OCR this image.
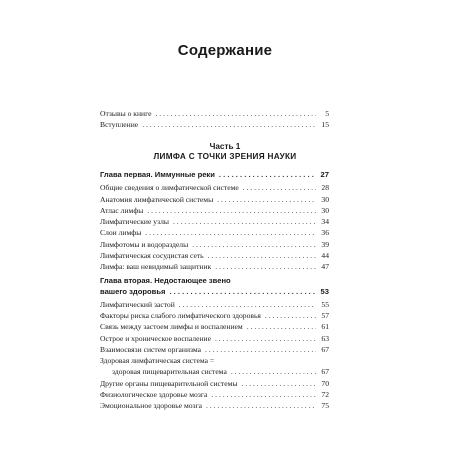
Содержание
Отзывы о книге . . .	5
Вступление . . .	15
Часть 1
ЛИМФА С ТОЧКИ ЗРЕНИЯ НАУКИ
Глава первая. Иммунные реки . . .	27
Общие сведения о лимфатической системе . . .	28
Анатомия лимфатической системы . . .	30
Атлас лимфы . . .	30
Лимфатические узлы . . .	34
Слои лимфы . . .	36
Лимфотомы и водоразделы . . .	39
Лимфатическая сосудистая сеть . . .	44
Лимфа: ваш невидимый защитник . . .	47
Глава вторая. Недостающее звено
вашего здоровья . . .	53
Лимфатический застой . . .	55
Факторы риска слабого лимфатического здоровья . . .	57
Связь между застоем лимфы и воспалением . . .	61
Острое и хроническое воспаление . . .	63
Взаимосвязи систем организма . . .	67
Здоровая лимфатическая система =
здоровая пищеварительная система . . .	67
Другие органы пищеварительной системы . . .	70
Физиологическое здоровье мозга . . .	72
Эмоциональное здоровье мозга . . .	75
